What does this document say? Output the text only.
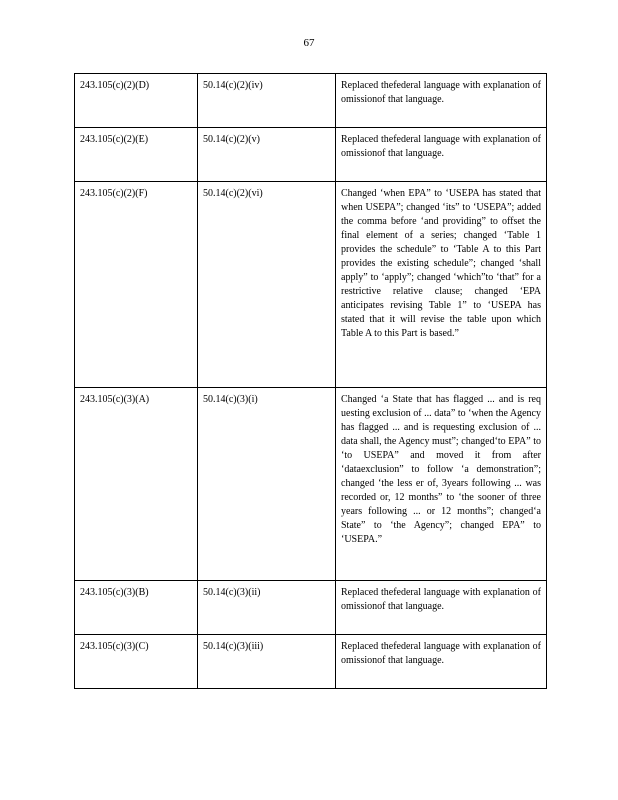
67
243.105(c)(2)(D)	50.14(c)(2)(iv)	Replaced thefederal language with explanation of omissionof that language.
243.105(c)(2)(E)	50.14(c)(2)(v)	Replaced thefederal language with explanation of omissionof that language.
243.105(c)(2)(F)	50.14(c)(2)(vi)	Changed ‘when EPA” to ‘USEPA has stated that when USEPA”; changed ‘its” to ‘USEPA”; added the comma before ‘and providing” to offset the final element of a series; changed ‘Table 1 provides the schedule” to ‘Table A to this Part provides the existing schedule”; changed ‘shall apply” to ‘apply”; changed ‘which”to ‘that” for a restrictive relative clause; changed ‘EPA anticipates revising Table 1” to ‘USEPA has stated that it will revise the table upon which Table A to this Part is based.”
243.105(c)(3)(A)	50.14(c)(3)(i)	Changed ‘a State that has flagged ... and is req uesting exclusion of ... data” to ‘when the Agency has flagged ... and is requesting exclusion of ... data shall, the Agency must”; changed‘to EPA” to ‘to USEPA” and moved it from after ‘dataexclusion” to follow ‘a demonstration”; changed ‘the less er of, 3years following ... was recorded or, 12 months” to ‘the sooner of three years following ... or 12 months”; changed‘a State” to ‘the Agency”; changed EPA” to ‘USEPA.”
243.105(c)(3)(B)	50.14(c)(3)(ii)	Replaced thefederal language with explanation of omissionof that language.
243.105(c)(3)(C)	50.14(c)(3)(iii)	Replaced thefederal language with explanation of omissionof that language.
